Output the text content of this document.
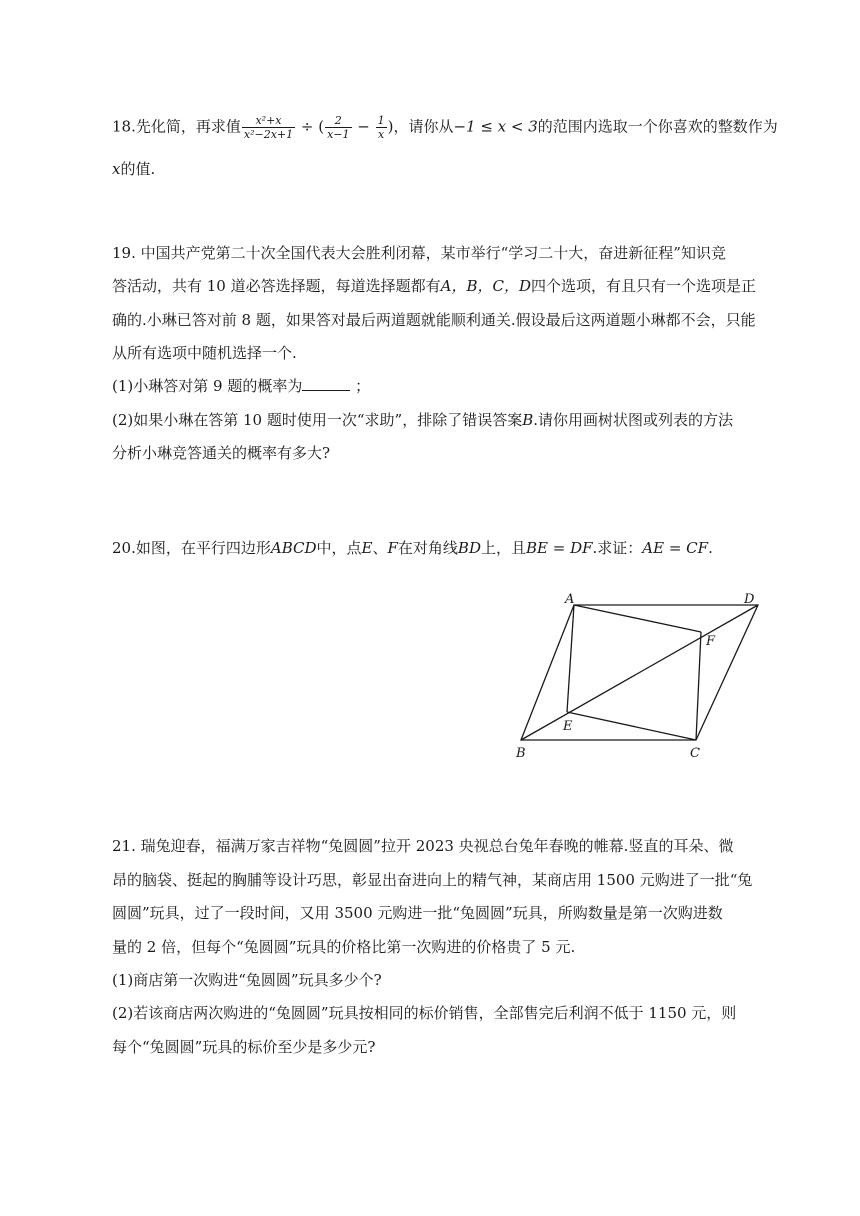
18.先化简，再求值 $\frac{\text{x²+x}}{\text{x²−2x+1}}$ ÷ ( $\frac{2}{x-1} - \frac{1}{x}$ )，请你从−1 ≤ x < 3的范围内选取一个你喜欢的整数作为
x的值.
19. 中国共产党第二十次全国代表大会胜利闭幕，某市举行“学习二十大，奋进新征程”知识竞
答活动，共有 10 道必答选择题，每道选择题都有A，B，C，D四个选项，有且只有一个选项是正
确的.小琳已答对前 8 题，如果答对最后两道题就能顺利通关.假设最后这两道题小琳都不会，只能
从所有选项中随机选择一个.
(1)小琳答对第 9 题的概率为	；
(2)如果小琳在答第 10 题时使用一次“求助”，排除了错误答案B.请你用画树状图或列表的方法
分析小琳竞答通关的概率有多大?
20.如图，在平行四边形ABCD中，点E、F在对角线BD上，且BE = DF.求证：AE = CF.
A	D
F
E
B	C
21. 瑞兔迎春，福满万家吉祥物“兔圆圆”拉开 2023 央视总台兔年春晚的帷幕.竖直的耳朵、微
昂的脑袋、挺起的胸脯等设计巧思，彰显出奋进向上的精气神，某商店用 1500 元购进了一批“兔
圆圆”玩具，过了一段时间，又用 3500 元购进一批“兔圆圆”玩具，所购数量是第一次购进数
量的 2 倍，但每个“兔圆圆”玩具的价格比第一次购进的价格贵了 5 元.
(1)商店第一次购进“兔圆圆”玩具多少个?
(2)若该商店两次购进的“兔圆圆”玩具按相同的标价销售，全部售完后利润不低于 1150 元，则
每个“兔圆圆”玩具的标价至少是多少元?
